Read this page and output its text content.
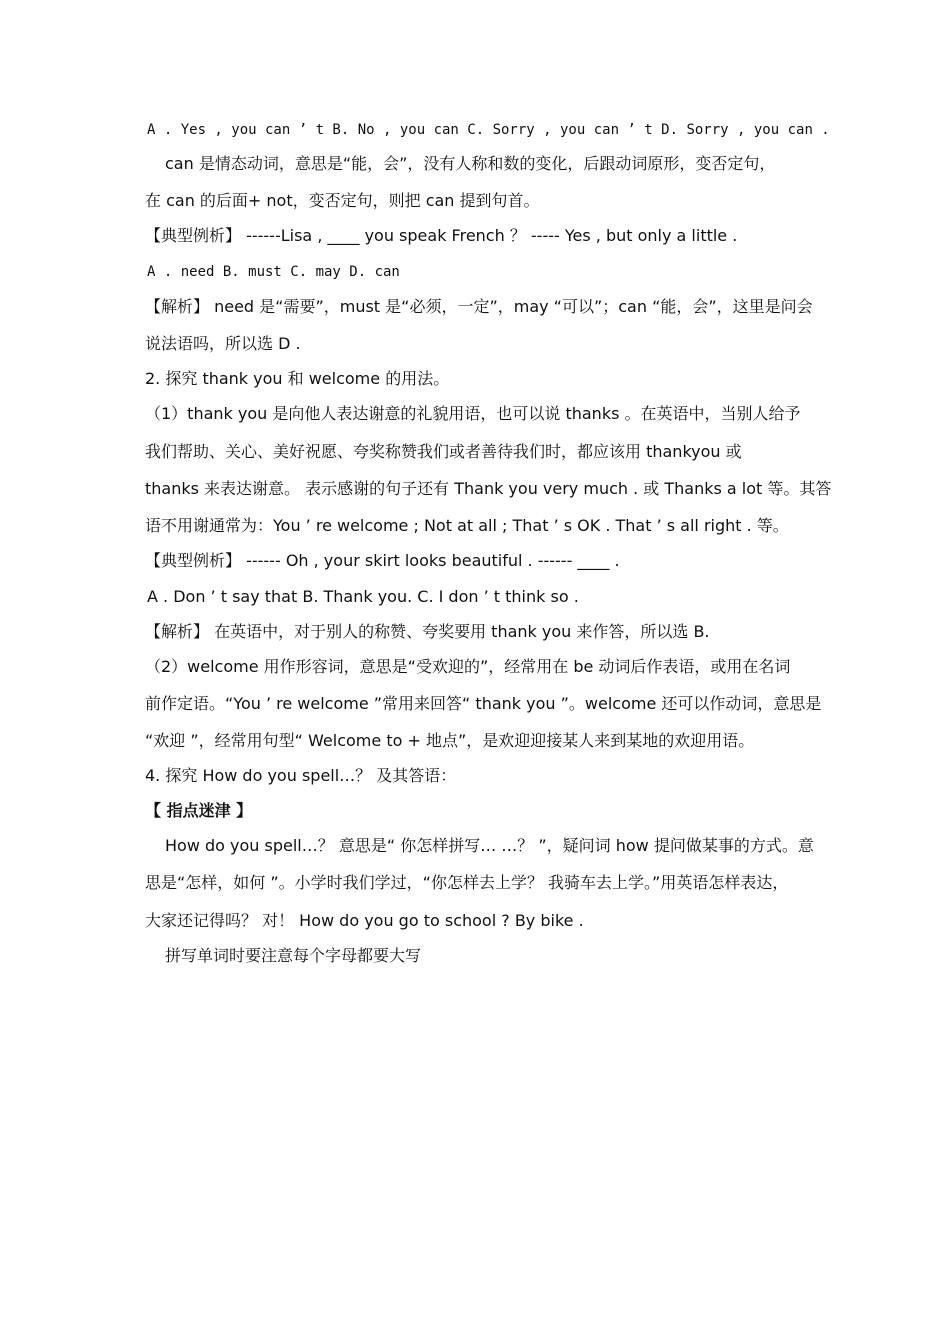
A . Yes , you can ’ t B. No , you can C. Sorry , you can ’ t D. Sorry , you can .
can 是情态动词，意思是“能，会”，没有人称和数的变化，后跟动词原形，变否定句，
在 can 的后面+ not，变否定句，则把 can 提到句首。
【典型例析】 ------Lisa , ____ you speak French ？ ----- Yes , but only a little .
A . need B. must C. may D. can
【解析】 need 是“需要”，must 是“必须，一定”，may “可以”；can “能，会”，这里是问会
说法语吗，所以选 D .
2. 探究 thank you 和 welcome 的用法。
（1）thank you 是向他人表达谢意的礼貌用语，也可以说 thanks 。在英语中，当别人给予
我们帮助、关心、美好祝愿、夸奖称赞我们或者善待我们时，都应该用 thankyou 或
thanks 来表达谢意。 表示感谢的句子还有 Thank you very much . 或 Thanks a lot 等。其答
语不用谢通常为：You ’ re welcome ; Not at all ; That ’ s OK . That ’ s all right . 等。
【典型例析】 ------ Oh , your skirt looks beautiful . ------ ____ .
A . Don ’ t say that B. Thank you. C. I don ’ t think so .
【解析】 在英语中，对于别人的称赞、夸奖要用 thank you 来作答，所以选 B.
（2）welcome 用作形容词，意思是“受欢迎的”，经常用在 be 动词后作表语，或用在名词
前作定语。“You ’ re welcome ”常用来回答“ thank you ”。welcome 还可以作动词，意思是
“欢迎 ”，经常用句型“ Welcome to + 地点”，是欢迎迎接某人来到某地的欢迎用语。
4. 探究 How do you spell…？ 及其答语：
【 指点迷津 】
How do you spell…？ 意思是“ 你怎样拼写… …？ ”，疑问词 how 提问做某事的方式。意
思是“怎样，如何 ”。小学时我们学过，“你怎样去上学？ 我骑车去上学。”用英语怎样表达，
大家还记得吗？ 对！ How do you go to school ? By bike .
拼写单词时要注意每个字母都要大写
